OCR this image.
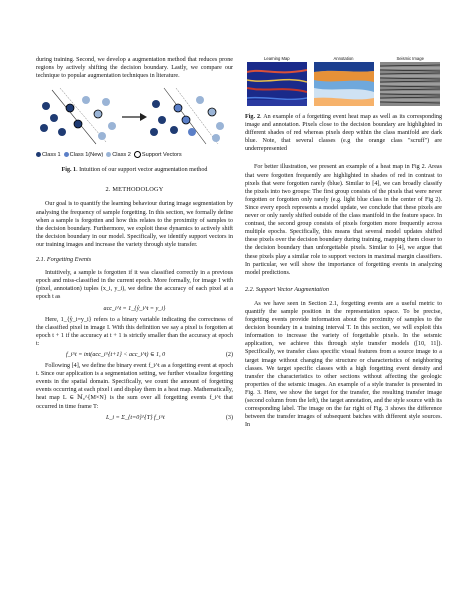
during training. Second, we develop a augmentation method that reduces prone regions by actively shifting the decision boundary. Lastly, we compare our technique to popular augmentation techniques in literature.

Class 1	Class 1(New)	Class 2	Support Vectors

Fig. 1. Intuition of our support vector augmentation method

2. METHODOLOGY

Our goal is to quantify the learning behaviour during image segmentation by analysing the frequency of sample forgetting. In this section, we formally define when a sample is forgotten and how this relates to the proximity of samples to the decision boundary. Furthermore, we exploit these dynamics to actively shift the decision boundary in our model. Specifically, we identify support vectors in our training images and increase the variety through style transfer.

2.1. Forgetting Events

Intuitively, a sample is forgotten if it was classified correctly in a previous epoch and miss-classified in the current epoch. More formally, for image I with (pixel, annotation) tuples (x_i, y_i), we define the accuracy of each pixel at a epoch t as

acc_i^t = 1_{ŷ_i^t = y_i}

Here, 1_{ŷ_i=y_i} refers to a binary variable indicating the correctness of the classified pixel in image I. With this definition we say a pixel is forgotten at epoch t + 1 if the accuracy at t + 1 is strictly smaller than the accuracy at epoch t:

f_i^t = int(acc_i^{t+1} < acc_i^t) ∈ 1, 0	(2)

Following [4], we define the binary event f_i^t as a forgetting event at epoch t. Since our application is a segmentation setting, we further visualize forgetting events in the spatial domain. Specifically, we count the amount of forgetting events occurring at each pixel i and display them in a heat map. Mathematically, heat map L ∈ ℕ₀^{M×N} is the sum over all forgetting events f_i^t that occurred in time frame T:

L_i = Σ_{t=0}^{T} f_i^t	(3)
Learning Map	Annotation	Seismic Image

Fig. 2. An example of a forgetting event heat map as well as its corresponding image and annotation. Pixels close to the decision boundary are highlighted in different shades of red whereas pixels deep within the class manifold are dark blue. Note, that several classes (e.g the orange class "scruff") are underrepresented

For better illustration, we present an example of a heat map in Fig 2. Areas that were forgotten frequently are highlighted in shades of red in contrast to pixels that were forgotten rarely (blue). Similar to [4], we can broadly classify the pixels into two groups: The first group consists of the pixels that were never forgotten or forgotten only rarely (e.g. light blue class in the center of Fig 2). Since every epoch represents a model update, we conclude that these pixels are never or only rarely shifted outside of the class manifold in the feature space. In contrast, the second group consists of pixels forgotten more frequently across multiple epochs. Specifically, this means that several model updates shifted these pixels over the decision boundary during training, mapping them closer to the decision boundary than unforgettable pixels. Similar to [4], we argue that these pixels play a similar role to support vectors in maximal margin classifiers. In particular, we will show the importance of forgetting events in analyzing model predictions.

2.2. Support Vector Augmentation

As we have seen in Section 2.1, forgetting events are a useful metric to quantify the sample position in the representation space. To be precise, forgetting events provide information about the proximity of samples to the decision boundary in a training interval T. In this section, we will exploit this information to increase the variety of forgettable pixels. In the seismic application, we achieve this through style transfer models ([10, 11]). Specifically, we transfer class specific visual features from a source image to a target image without changing the structure or characteristics of neighboring classes. We target specific classes with a high forgetting event density and transfer the characteristics to other sections without affecting the geologic properties of the seismic images. An example of a style transfer is presented in Fig. 3. Here, we show the target for the transfer, the resulting transfer image (second column from the left), the target annotation, and the style source with its corresponding label. The image on the far right of Fig. 3 shows the difference between the transfer images of subsequent batches with different style sources. In
